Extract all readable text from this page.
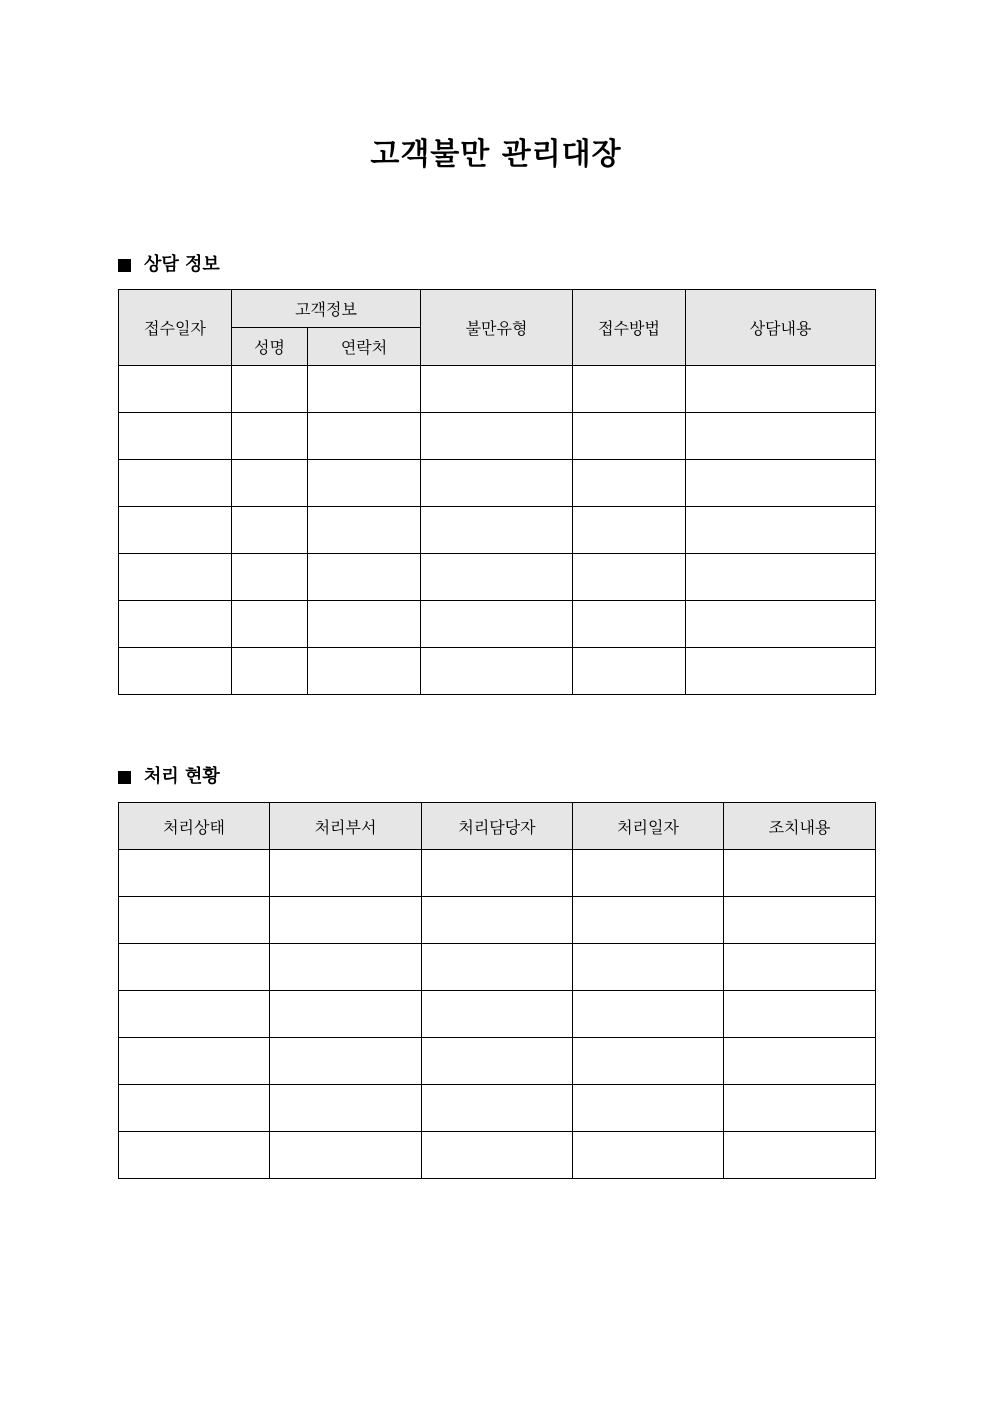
고객불만 관리대장
상담 정보
접수일자	고객정보		불만유형	접수방법	상담내용
	성명	연락처			

처리 현황
처리상태	처리부서	처리담당자	처리일자	조치내용
